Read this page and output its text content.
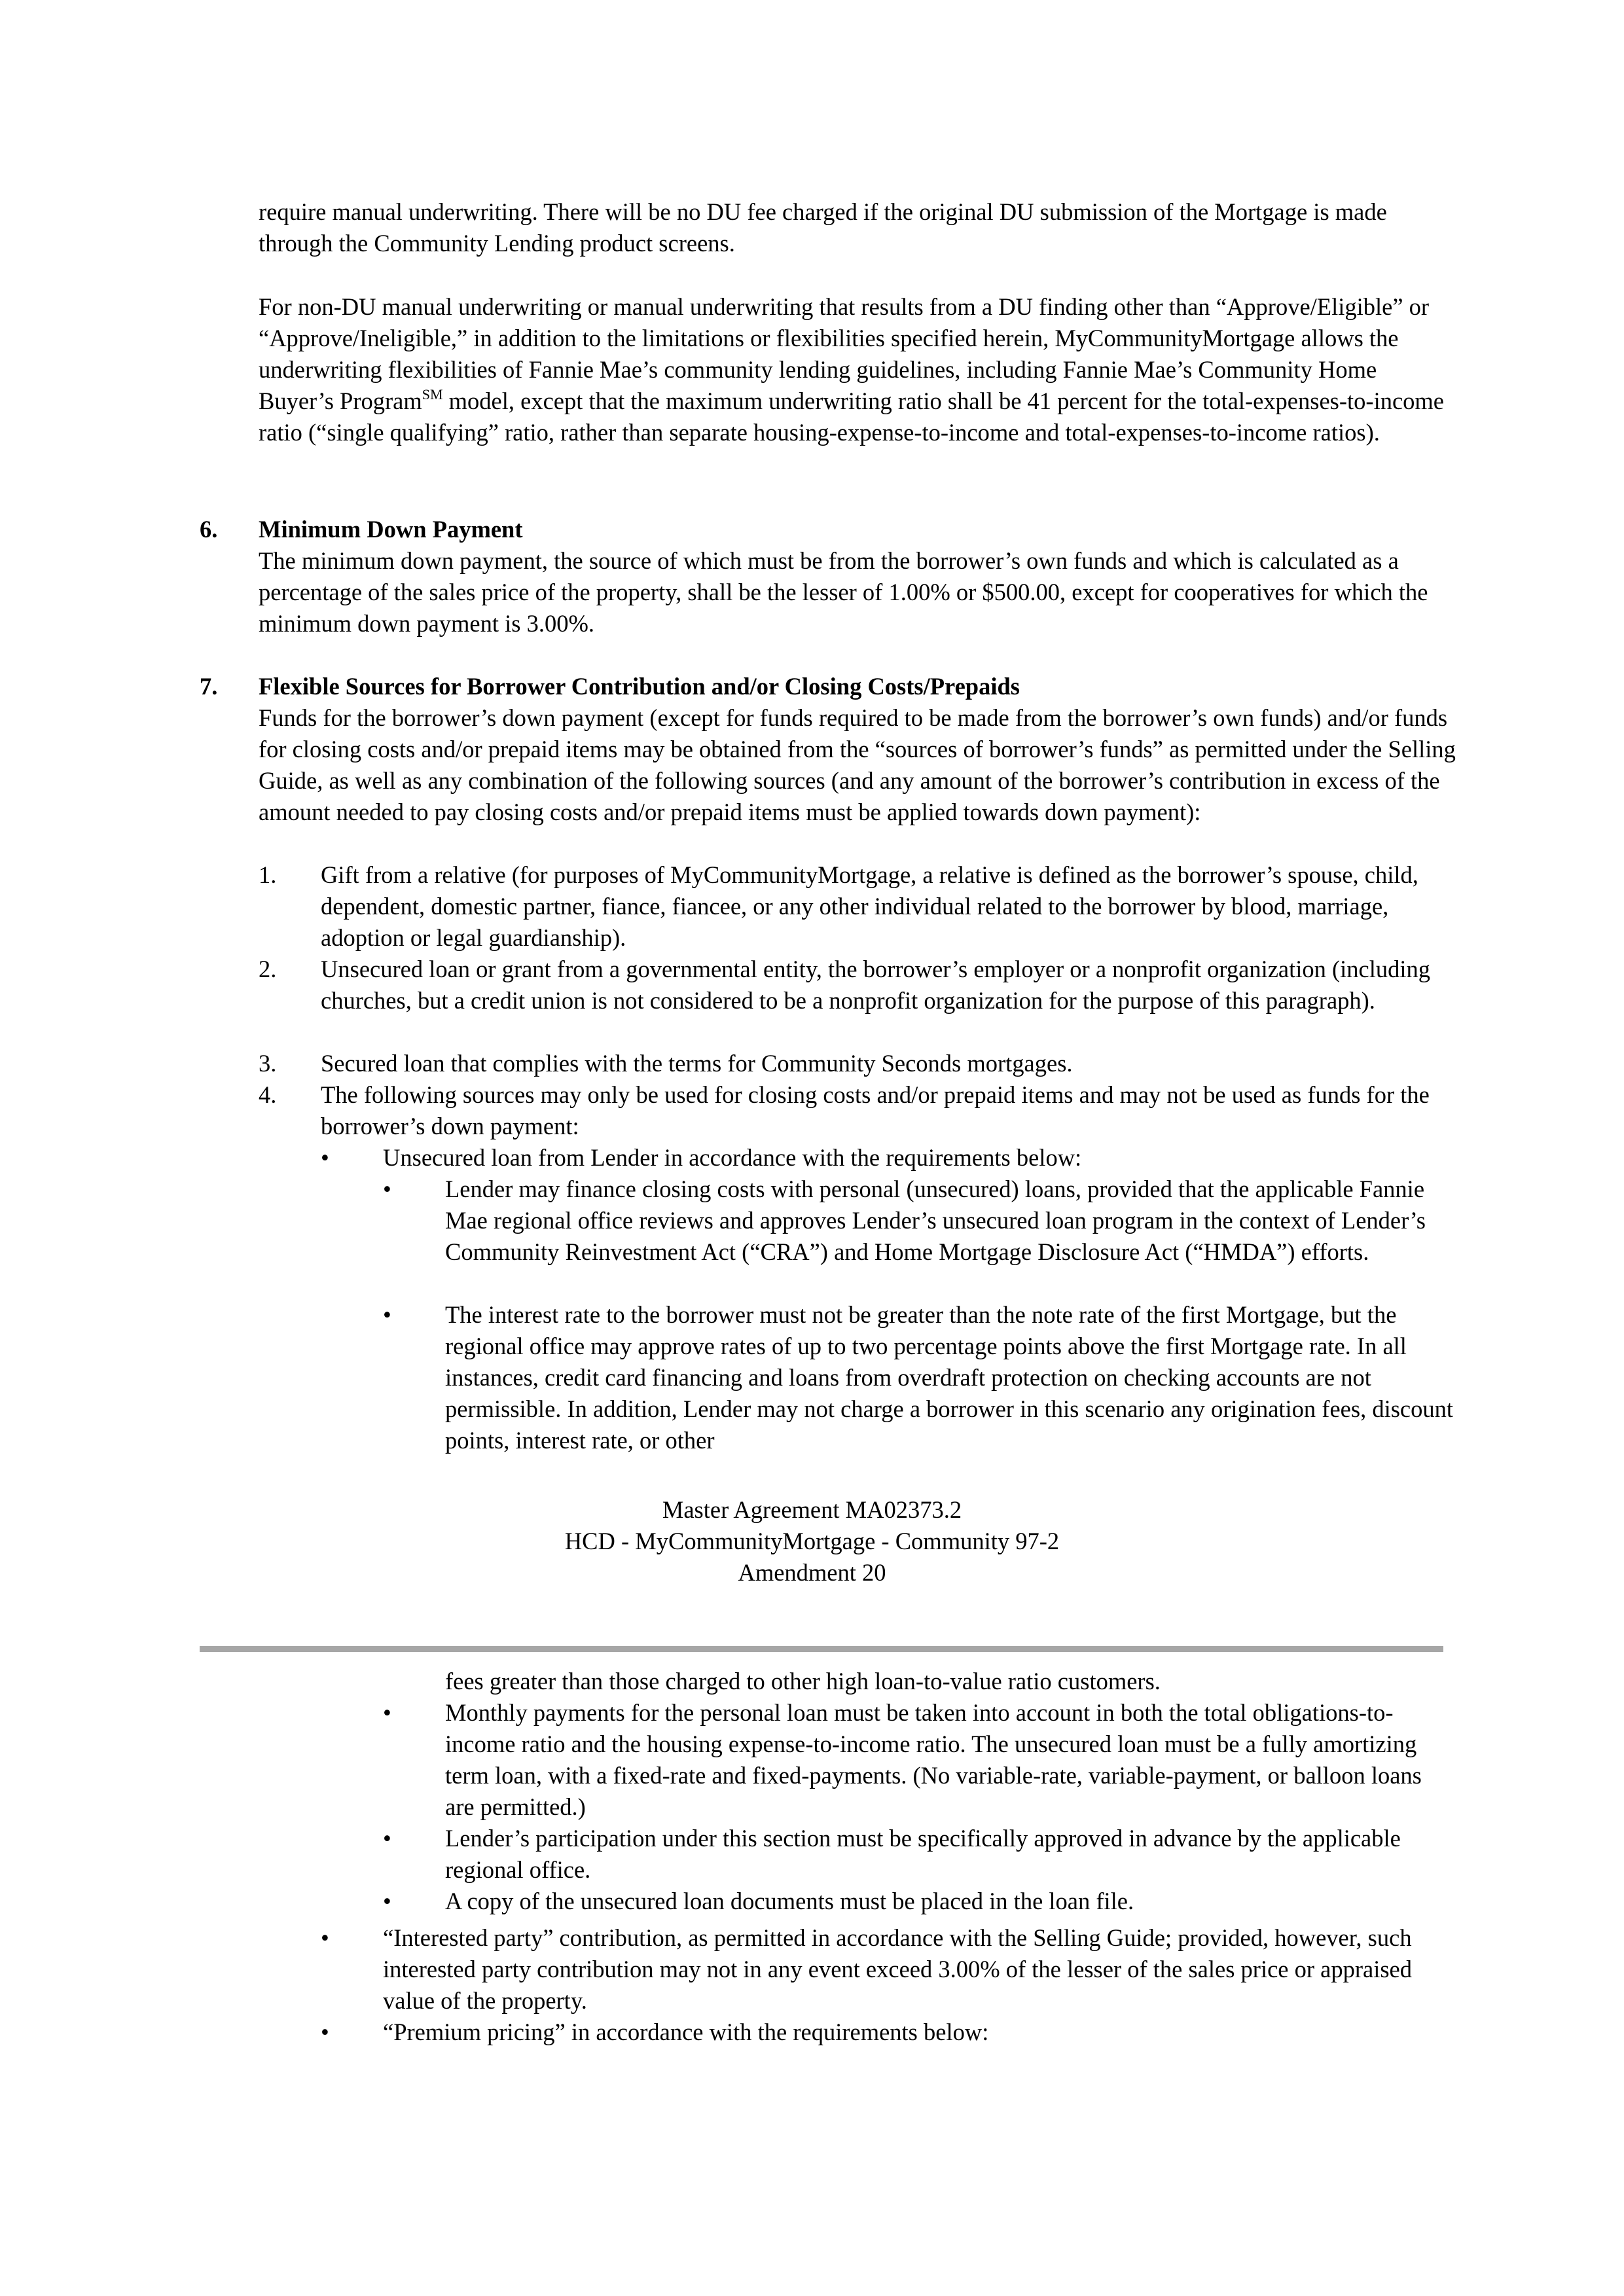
require manual underwriting. There will be no DU fee charged if the original DU submission of the Mortgage is made through the Community Lending product screens.

For non-DU manual underwriting or manual underwriting that results from a DU finding other than “Approve/Eligible” or “Approve/Ineligible,” in addition to the limitations or flexibilities specified herein, MyCommunityMortgage allows the underwriting flexibilities of Fannie Mae’s community lending guidelines, including Fannie Mae’s Community Home Buyer’s Program℠ model, except that the maximum underwriting ratio shall be 41 percent for the total-expenses-to-income ratio (“single qualifying” ratio, rather than separate housing-expense-to-income and total-expenses-to-income ratios).

6. Minimum Down Payment

The minimum down payment, the source of which must be from the borrower’s own funds and which is calculated as a percentage of the sales price of the property, shall be the lesser of 1.00% or $500.00, except for cooperatives for which the minimum down payment is 3.00%.

7. Flexible Sources for Borrower Contribution and/or Closing Costs/Prepaids

Funds for the borrower’s down payment (except for funds required to be made from the borrower’s own funds) and/or funds for closing costs and/or prepaid items may be obtained from the “sources of borrower’s funds” as permitted under the Selling Guide, as well as any combination of the following sources (and any amount of the borrower’s contribution in excess of the amount needed to pay closing costs and/or prepaid items must be applied towards down payment):

1. Gift from a relative (for purposes of MyCommunityMortgage, a relative is defined as the borrower’s spouse, child, dependent, domestic partner, fiance, fiancee, or any other individual related to the borrower by blood, marriage, adoption or legal guardianship).

2. Unsecured loan or grant from a governmental entity, the borrower’s employer or a nonprofit organization (including churches, but a credit union is not considered to be a nonprofit organization for the purpose of this paragraph).

3. Secured loan that complies with the terms for Community Seconds mortgages.

4. The following sources may only be used for closing costs and/or prepaid items and may not be used as funds for the borrower’s down payment:

• Unsecured loan from Lender in accordance with the requirements below:

• Lender may finance closing costs with personal (unsecured) loans, provided that the applicable Fannie Mae regional office reviews and approves Lender’s unsecured loan program in the context of Lender’s Community Reinvestment Act (“CRA”) and Home Mortgage Disclosure Act (“HMDA”) efforts.

• The interest rate to the borrower must not be greater than the note rate of the first Mortgage, but the regional office may approve rates of up to two percentage points above the first Mortgage rate. In all instances, credit card financing and loans from overdraft protection on checking accounts are not permissible. In addition, Lender may not charge a borrower in this scenario any origination fees, discount points, interest rate, or other

Master Agreement MA02373.2
HCD - MyCommunityMortgage - Community 97-2
Amendment 20

fees greater than those charged to other high loan-to-value ratio customers.

• Monthly payments for the personal loan must be taken into account in both the total obligations-to-income ratio and the housing expense-to-income ratio. The unsecured loan must be a fully amortizing term loan, with a fixed-rate and fixed-payments. (No variable-rate, variable-payment, or balloon loans are permitted.)

• Lender’s participation under this section must be specifically approved in advance by the applicable regional office.

• A copy of the unsecured loan documents must be placed in the loan file.

• “Interested party” contribution, as permitted in accordance with the Selling Guide; provided, however, such interested party contribution may not in any event exceed 3.00% of the lesser of the sales price or appraised value of the property.

• “Premium pricing” in accordance with the requirements below:
